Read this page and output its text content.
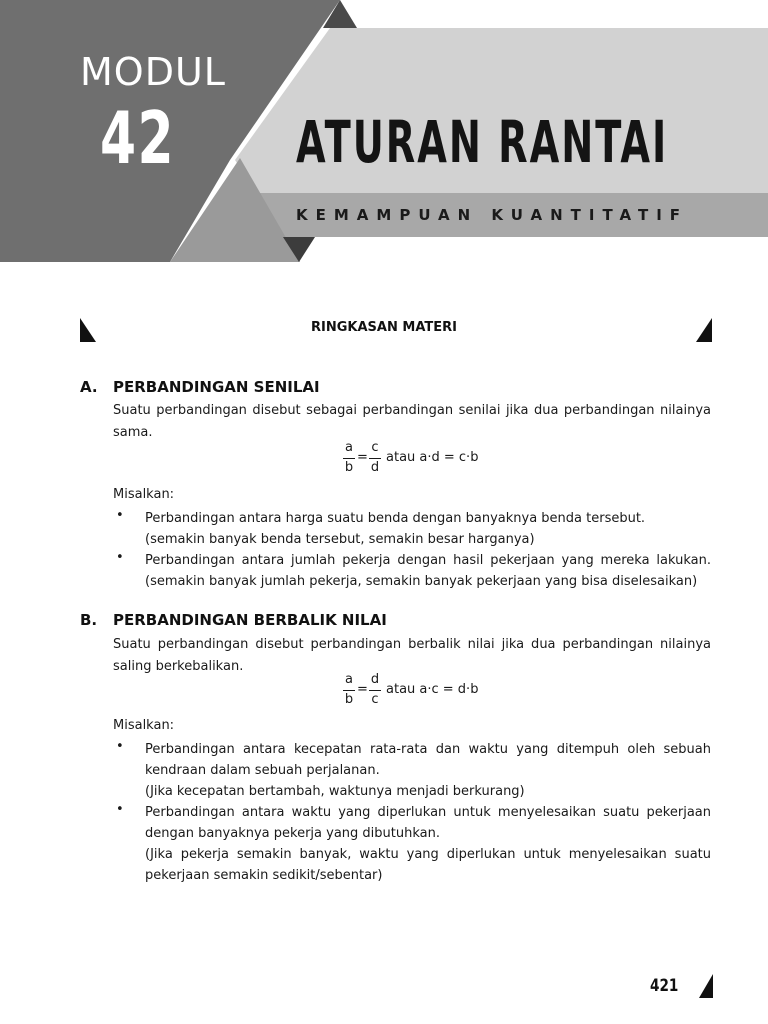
MODUL
42 ATURAN RANTAI
KEMAMPUAN KUANTITATIF
RINGKASAN MATERI
A. PERBANDINGAN SENILAI
Suatu perbandingan disebut sebagai perbandingan senilai jika dua perbandingan nilainya sama.
a
b
=
c
d
atau a·d = c·b
Misalkan:
• Perbandingan antara harga suatu benda dengan banyaknya benda tersebut.
(semakin banyak benda tersebut, semakin besar harganya)
• Perbandingan antara jumlah pekerja dengan hasil pekerjaan yang mereka lakukan.
(semakin banyak jumlah pekerja, semakin banyak pekerjaan yang bisa diselesaikan)
B. PERBANDINGAN BERBALIK NILAI
Suatu perbandingan disebut perbandingan berbalik nilai jika dua perbandingan nilainya saling berkebalikan.
a
b
=
d
c
atau a·c = d·b
Misalkan:
• Perbandingan antara kecepatan rata-rata dan waktu yang ditempuh oleh sebuah
kendraan dalam sebuah perjalanan.
(Jika kecepatan bertambah, waktunya menjadi berkurang)
• Perbandingan antara waktu yang diperlukan untuk menyelesaikan suatu pekerjaan
dengan banyaknya pekerja yang dibutuhkan.
(Jika pekerja semakin banyak, waktu yang diperlukan untuk menyelesaikan suatu
pekerjaan semakin sedikit/sebentar)
421
